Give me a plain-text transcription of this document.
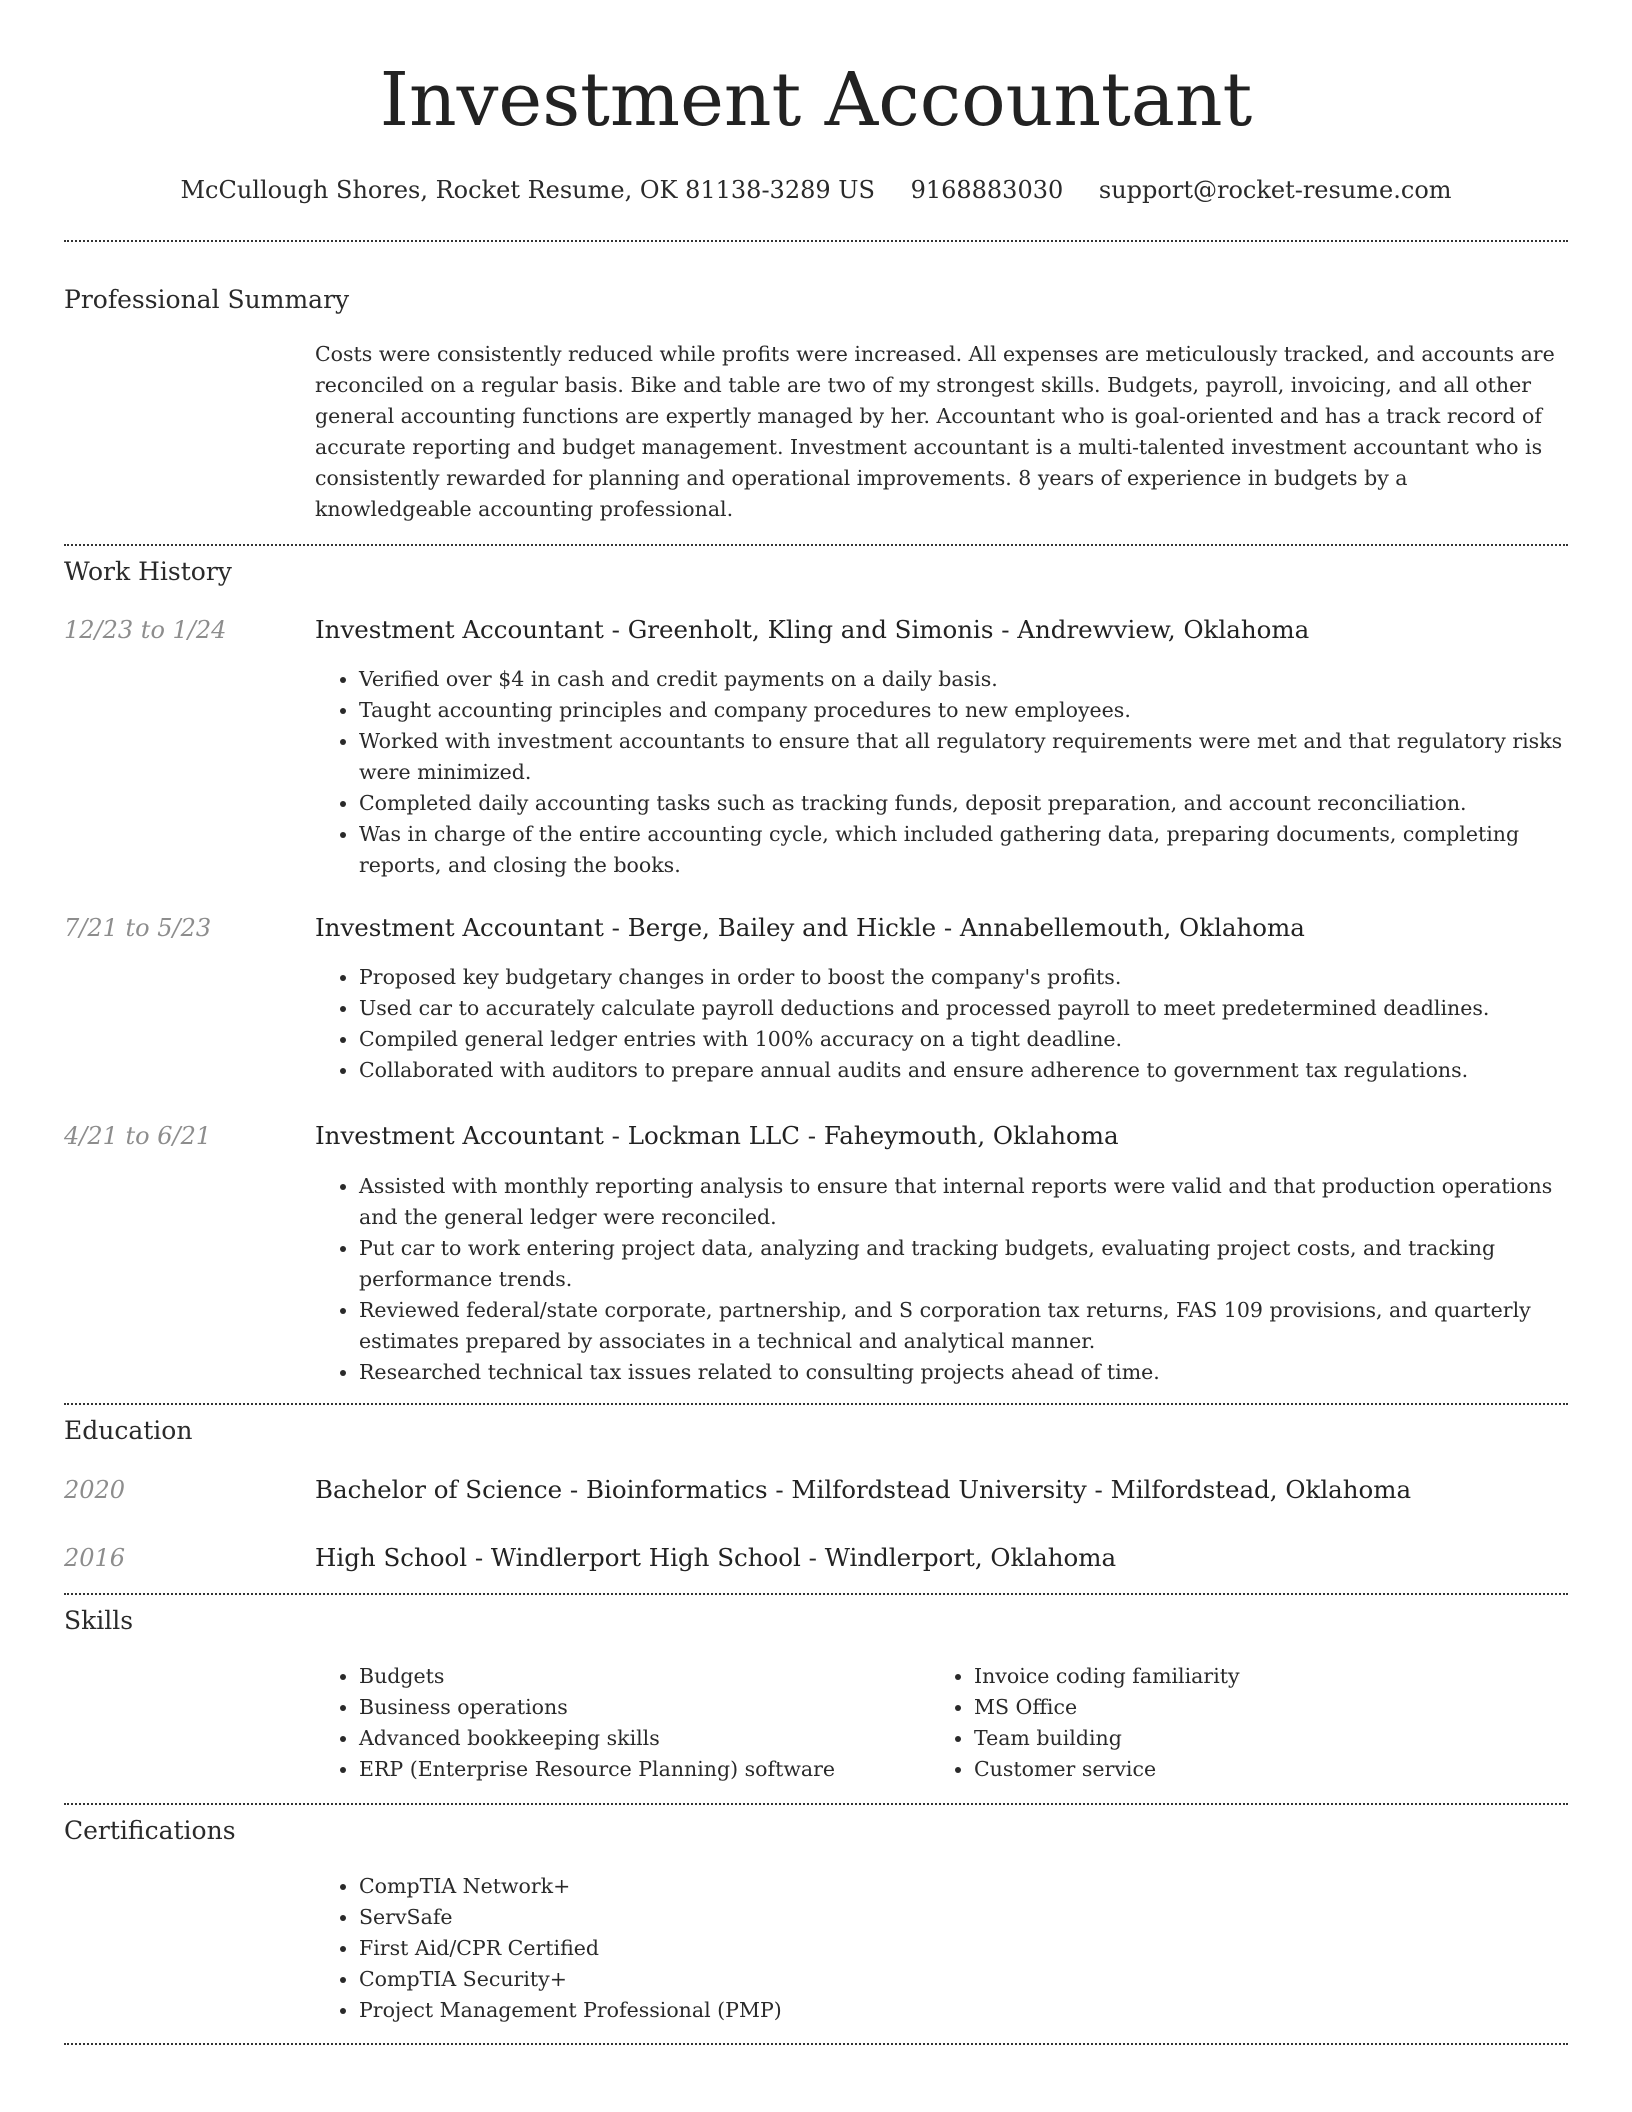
Investment Accountant
McCullough Shores, Rocket Resume, OK 81138-3289 US 9168883030 support@rocket-resume.com
Professional Summary
Costs were consistently reduced while profits were increased. All expenses are meticulously tracked, and accounts are reconciled on a regular basis. Bike and table are two of my strongest skills. Budgets, payroll, invoicing, and all other general accounting functions are expertly managed by her. Accountant who is goal-oriented and has a track record of accurate reporting and budget management. Investment accountant is a multi-talented investment accountant who is consistently rewarded for planning and operational improvements. 8 years of experience in budgets by a knowledgeable accounting professional.
Work History
12/23 to 1/24	Investment Accountant - Greenholt, Kling and Simonis - Andrewview, Oklahoma
• Verified over $4 in cash and credit payments on a daily basis.
• Taught accounting principles and company procedures to new employees.
• Worked with investment accountants to ensure that all regulatory requirements were met and that regulatory risks were minimized.
• Completed daily accounting tasks such as tracking funds, deposit preparation, and account reconciliation.
• Was in charge of the entire accounting cycle, which included gathering data, preparing documents, completing reports, and closing the books.
7/21 to 5/23	Investment Accountant - Berge, Bailey and Hickle - Annabellemouth, Oklahoma
• Proposed key budgetary changes in order to boost the company's profits.
• Used car to accurately calculate payroll deductions and processed payroll to meet predetermined deadlines.
• Compiled general ledger entries with 100% accuracy on a tight deadline.
• Collaborated with auditors to prepare annual audits and ensure adherence to government tax regulations.
4/21 to 6/21	Investment Accountant - Lockman LLC - Faheymouth, Oklahoma
• Assisted with monthly reporting analysis to ensure that internal reports were valid and that production operations and the general ledger were reconciled.
• Put car to work entering project data, analyzing and tracking budgets, evaluating project costs, and tracking performance trends.
• Reviewed federal/state corporate, partnership, and S corporation tax returns, FAS 109 provisions, and quarterly estimates prepared by associates in a technical and analytical manner.
• Researched technical tax issues related to consulting projects ahead of time.
Education
2020	Bachelor of Science - Bioinformatics - Milfordstead University - Milfordstead, Oklahoma
2016	High School - Windlerport High School - Windlerport, Oklahoma
Skills
• Budgets
• Business operations
• Advanced bookkeeping skills
• ERP (Enterprise Resource Planning) software
• Invoice coding familiarity
• MS Office
• Team building
• Customer service
Certifications
• CompTIA Network+
• ServSafe
• First Aid/CPR Certified
• CompTIA Security+
• Project Management Professional (PMP)
